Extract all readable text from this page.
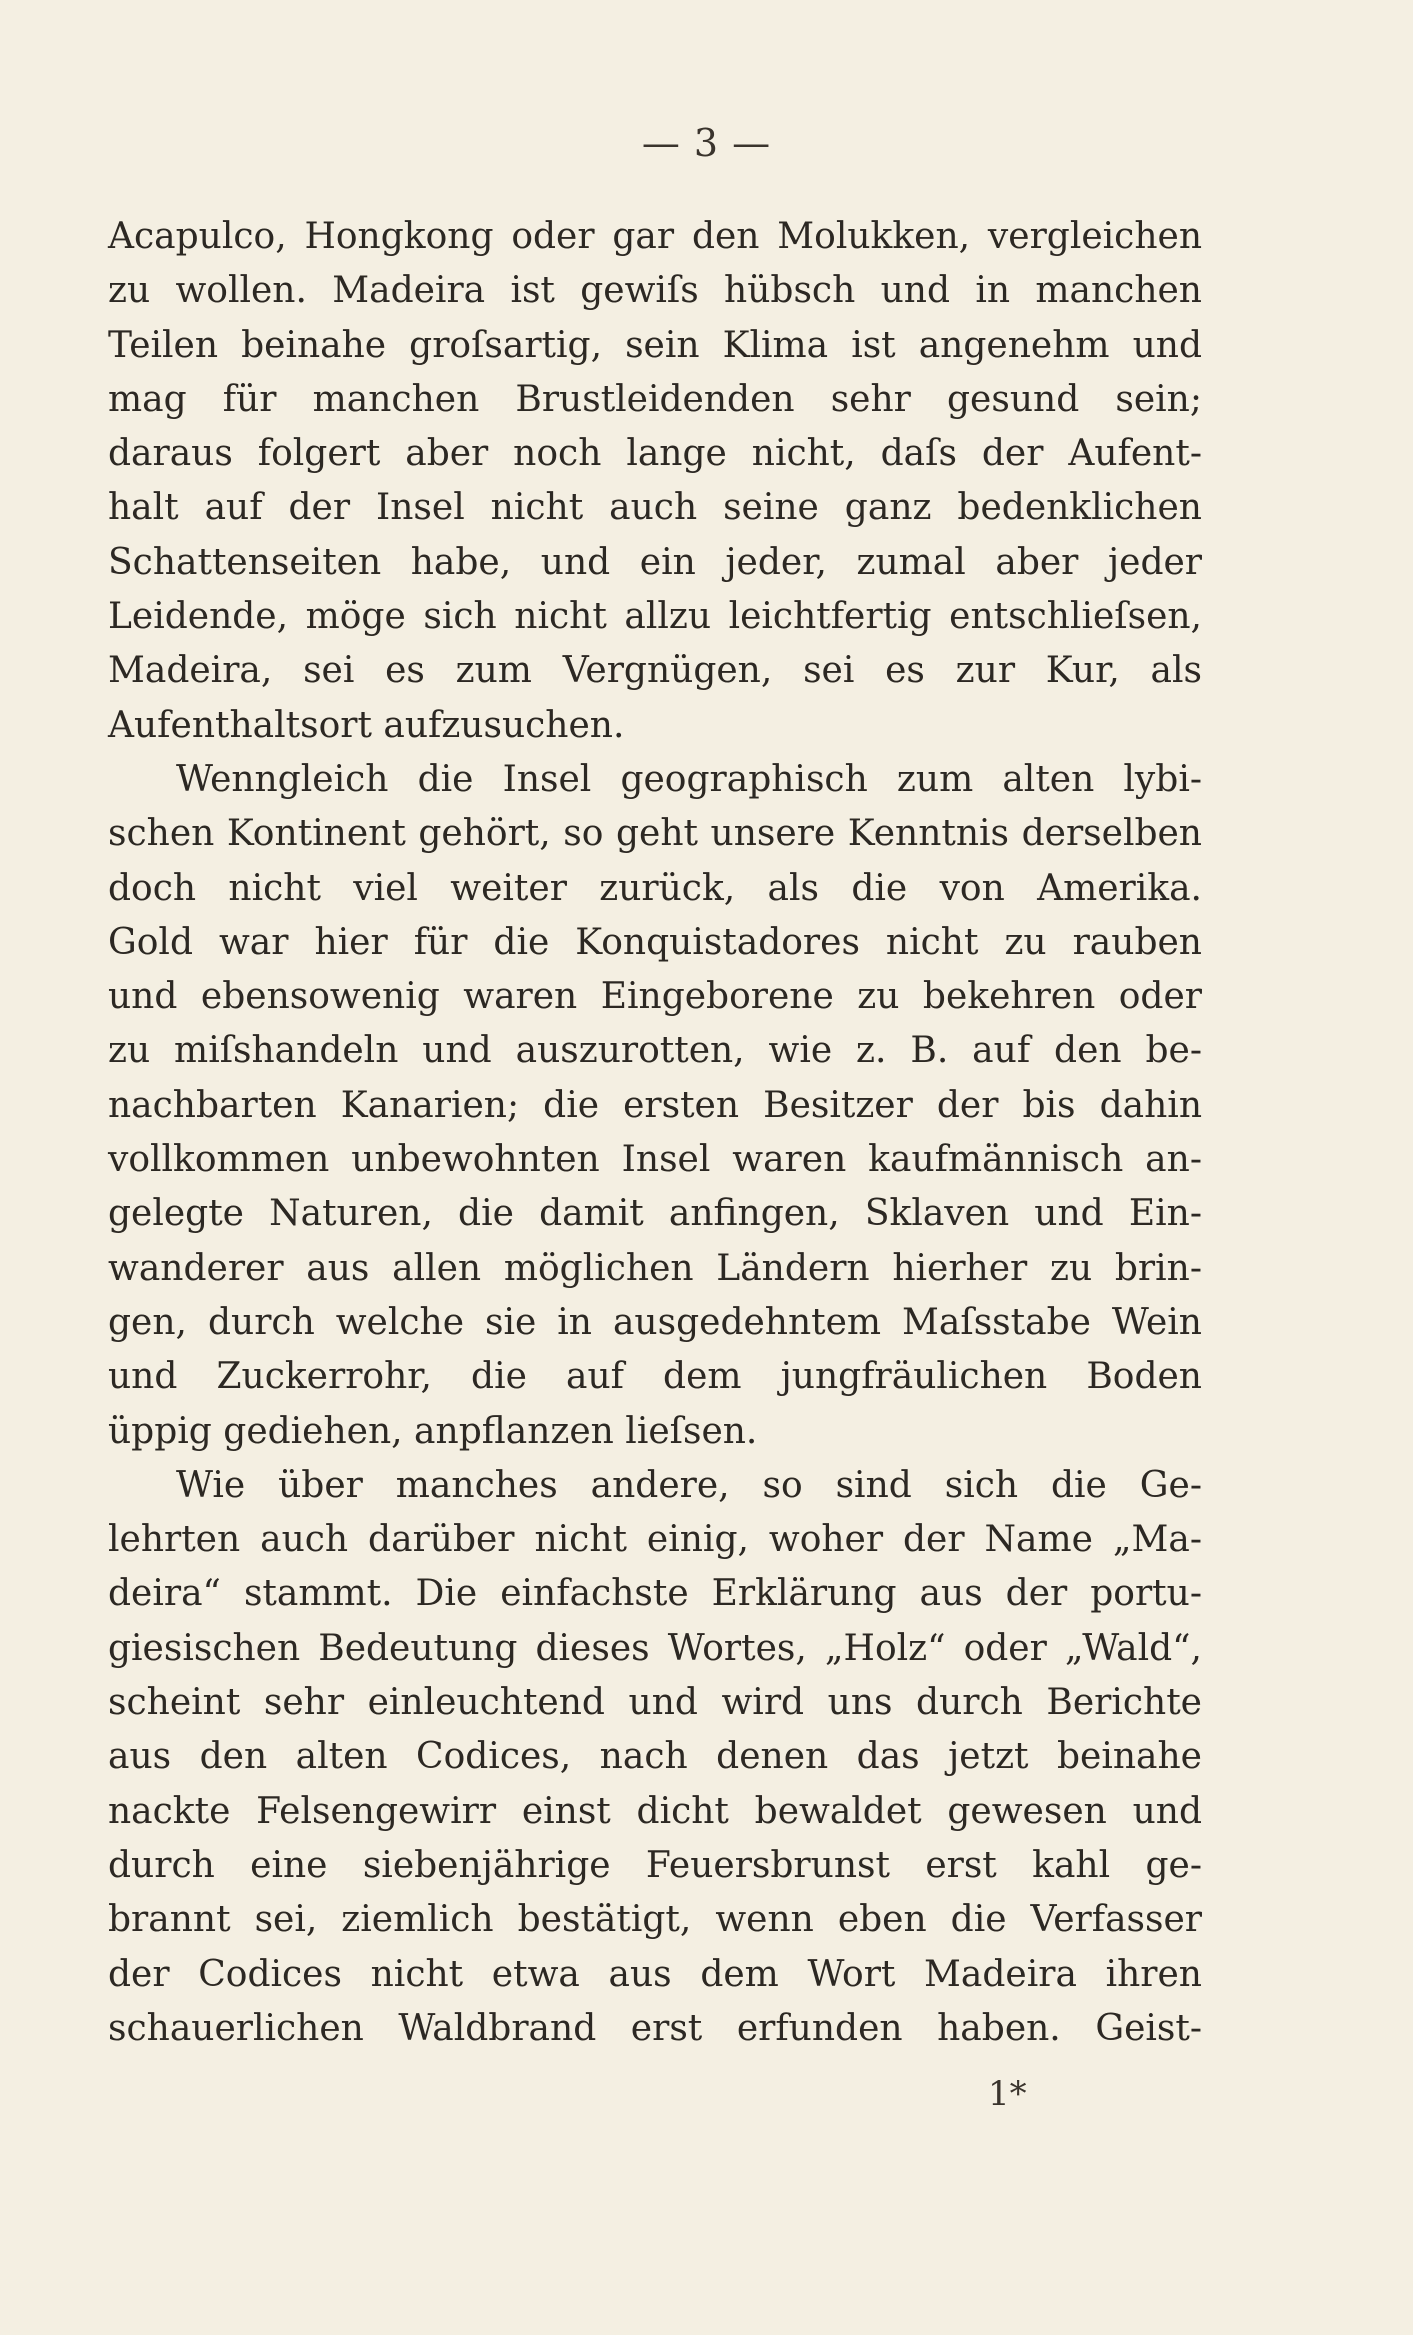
— 3 —
Acapulco, Hongkong oder gar den Molukken, vergleichen
zu wollen. Madeira ist gewiſs hübsch und in manchen
Teilen beinahe groſsartig, sein Klima ist angenehm und
mag für manchen Brustleidenden sehr gesund sein;
daraus folgert aber noch lange nicht, daſs der Aufent-
halt auf der Insel nicht auch seine ganz bedenklichen
Schattenseiten habe, und ein jeder, zumal aber jeder
Leidende, möge sich nicht allzu leichtfertig entschlieſsen,
Madeira, sei es zum Vergnügen, sei es zur Kur, als
Aufenthaltsort aufzusuchen.
Wenngleich die Insel geographisch zum alten lybi-
schen Kontinent gehört, so geht unsere Kenntnis derselben
doch nicht viel weiter zurück, als die von Amerika.
Gold war hier für die Konquistadores nicht zu rauben
und ebensowenig waren Eingeborene zu bekehren oder
zu miſshandeln und auszurotten, wie z. B. auf den be-
nachbarten Kanarien; die ersten Besitzer der bis dahin
vollkommen unbewohnten Insel waren kaufmännisch an-
gelegte Naturen, die damit anfingen, Sklaven und Ein-
wanderer aus allen möglichen Ländern hierher zu brin-
gen, durch welche sie in ausgedehntem Maſsstabe Wein
und Zuckerrohr, die auf dem jungfräulichen Boden
üppig gediehen, anpflanzen lieſsen.
Wie über manches andere, so sind sich die Ge-
lehrten auch darüber nicht einig, woher der Name „Ma-
deira“ stammt. Die einfachste Erklärung aus der portu-
giesischen Bedeutung dieses Wortes, „Holz“ oder „Wald“,
scheint sehr einleuchtend und wird uns durch Berichte
aus den alten Codices, nach denen das jetzt beinahe
nackte Felsengewirr einst dicht bewaldet gewesen und
durch eine siebenjährige Feuersbrunst erst kahl ge-
brannt sei, ziemlich bestätigt, wenn eben die Verfasser
der Codices nicht etwa aus dem Wort Madeira ihren
schauerlichen Waldbrand erst erfunden haben. Geist-
1*
